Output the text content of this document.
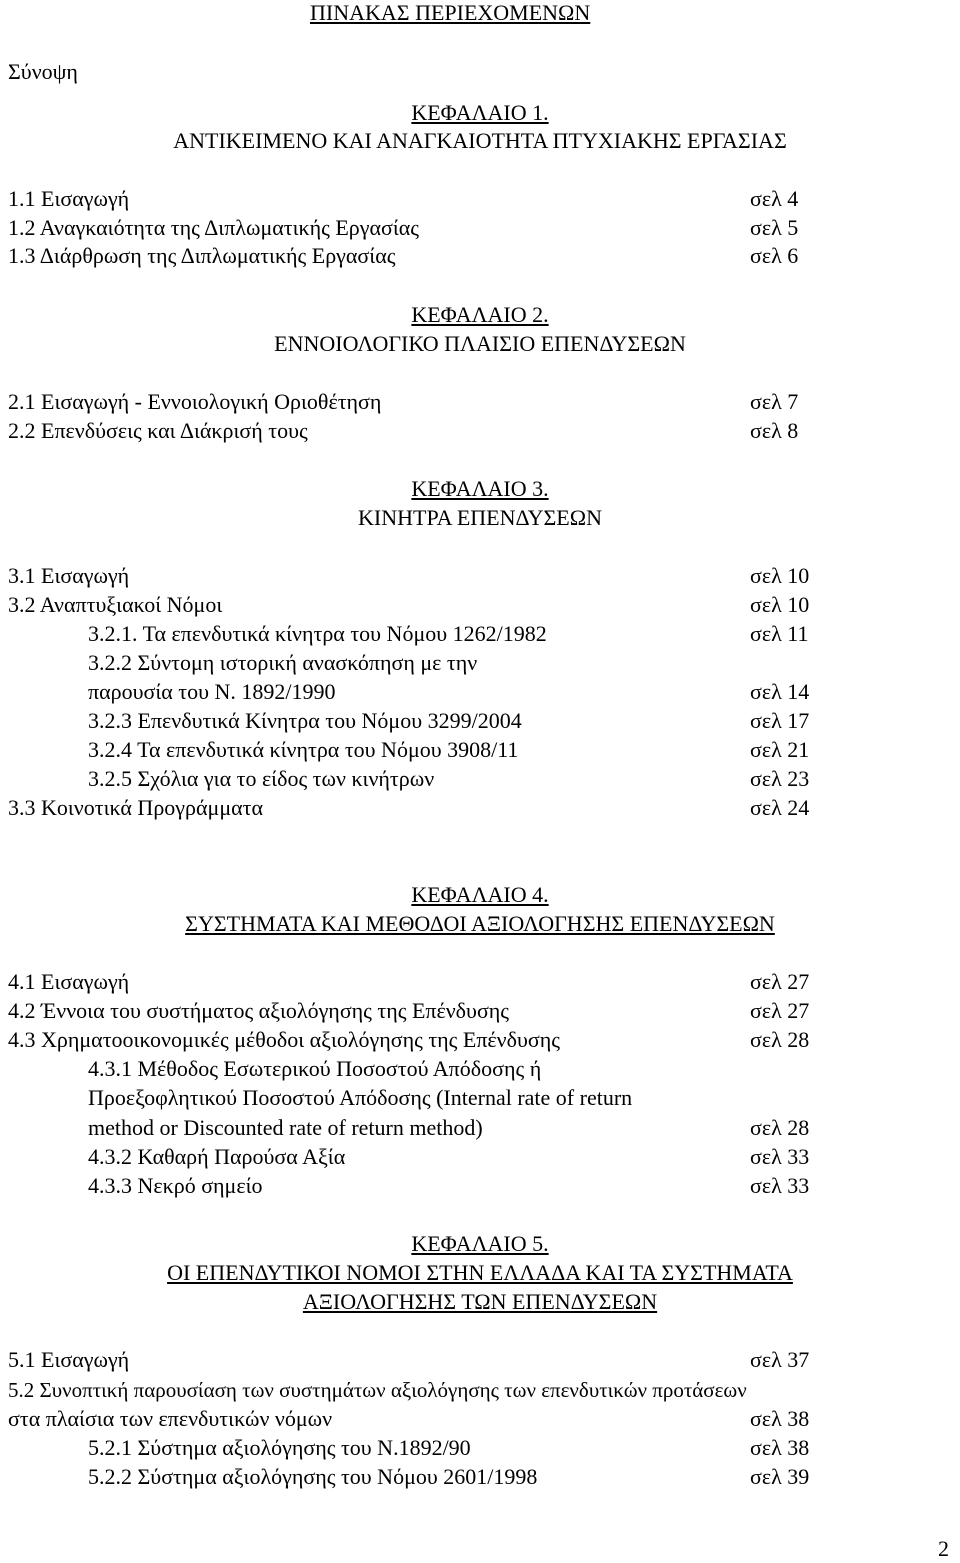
ΠΙΝΑΚΑΣ ΠΕΡΙΕΧΟΜΕΝΩΝ
Σύνοψη
ΚΕΦΑΛΑΙΟ 1.
ΑΝΤΙΚΕΙΜΕΝΟ ΚΑΙ ΑΝΑΓΚΑΙΟΤΗΤΑ ΠΤΥΧΙΑΚΗΣ ΕΡΓΑΣΙΑΣ
1.1 Εισαγωγή	σελ 4
1.2 Αναγκαιότητα της Διπλωματικής Εργασίας	σελ 5
1.3 Διάρθρωση της Διπλωματικής Εργασίας	σελ 6
ΚΕΦΑΛΑΙΟ 2.
ΕΝΝΟΙΟΛΟΓΙΚΟ ΠΛΑΙΣΙΟ ΕΠΕΝΔΥΣΕΩΝ
2.1 Εισαγωγή - Εννοιολογική Οριοθέτηση	σελ 7
2.2 Επενδύσεις και Διάκρισή τους	σελ 8
ΚΕΦΑΛΑΙΟ 3.
ΚΙΝΗΤΡΑ ΕΠΕΝΔΥΣΕΩΝ
3.1 Εισαγωγή	σελ 10
3.2 Αναπτυξιακοί Νόμοι	σελ 10
3.2.1. Τα επενδυτικά κίνητρα του Νόμου 1262/1982	σελ 11
3.2.2 Σύντομη ιστορική ανασκόπηση με την
παρουσία του Ν. 1892/1990	σελ 14
3.2.3 Επενδυτικά Κίνητρα του Νόμου 3299/2004	σελ 17
3.2.4 Τα επενδυτικά κίνητρα του Νόμου 3908/11	σελ 21
3.2.5 Σχόλια για το είδος των κινήτρων	σελ 23
3.3 Κοινοτικά Προγράμματα	σελ 24
ΚΕΦΑΛΑΙΟ 4.
ΣΥΣΤΗΜΑΤΑ ΚΑΙ ΜΕΘΟΔΟΙ ΑΞΙΟΛΟΓΗΣΗΣ ΕΠΕΝΔΥΣΕΩΝ
4.1 Εισαγωγή	σελ 27
4.2 Έννοια του συστήματος αξιολόγησης της Επένδυσης	σελ 27
4.3 Χρηματοοικονομικές μέθοδοι αξιολόγησης της Επένδυσης	σελ 28
4.3.1 Μέθοδος Εσωτερικού Ποσοστού Απόδοσης ή
Προεξοφλητικού Ποσοστού Απόδοσης (Internal rate of return
method or Discounted rate of return method)	σελ 28
4.3.2 Καθαρή Παρούσα Αξία	σελ 33
4.3.3 Νεκρό σημείο	σελ 33
ΚΕΦΑΛΑΙΟ 5.
ΟΙ ΕΠΕΝΔΥΤΙΚΟΙ ΝΟΜΟΙ ΣΤΗΝ ΕΛΛΑΔΑ ΚΑΙ ΤΑ ΣΥΣΤΗΜΑΤΑ
ΑΞΙΟΛΟΓΗΣΗΣ ΤΩΝ ΕΠΕΝΔΥΣΕΩΝ
5.1 Εισαγωγή	σελ 37
5.2 Συνοπτική παρουσίαση των συστημάτων αξιολόγησης των επενδυτικών προτάσεων
στα πλαίσια των επενδυτικών νόμων	σελ 38
5.2.1 Σύστημα αξιολόγησης του Ν.1892/90	σελ 38
5.2.2 Σύστημα αξιολόγησης του Νόμου 2601/1998	σελ 39
2
